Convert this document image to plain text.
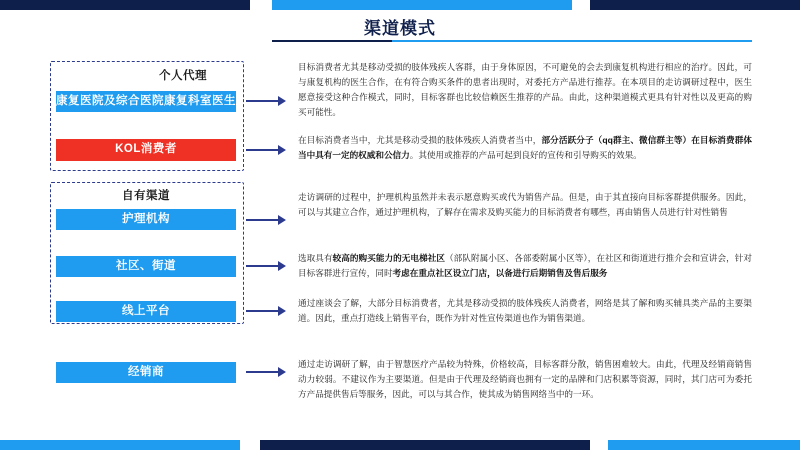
渠道模式
个人代理
康复医院及综合医院康复科室医生
KOL消费者
自有渠道
护理机构
社区、街道
线上平台
经销商
目标消费者尤其是移动受损的肢体残疾人客群，由于身体原因，不可避免的会去到康复机构进行相应的治疗。因此，可与康复机构的医生合作，在有符合购买条件的患者出现时，对委托方产品进行推荐。在本项目的走访调研过程中，医生愿意接受这种合作模式，同时，目标客群也比较信赖医生推荐的产品。由此，这种渠道模式更具有针对性以及更高的购买可能性。
在目标消费者当中，尤其是移动受损的肢体残疾人消费者当中，部分活跃分子（qq群主、微信群主等）在目标消费群体当中具有一定的权威和公信力。其使用或推荐的产品可起到良好的宣传和引导购买的效果。
走访调研的过程中，护理机构虽然并未表示愿意购买或代为销售产品。但是，由于其直接向目标客群提供服务。因此，可以与其建立合作，通过护理机构，了解存在需求及购买能力的目标消费者有哪些，再由销售人员进行针对性销售
选取具有较高的购买能力的无电梯社区（部队附属小区、各部委附属小区等），在社区和街道进行推介会和宣讲会，针对目标客群进行宣传，同时考虑在重点社区设立门店，以备进行后期销售及售后服务
通过座谈会了解，大部分目标消费者，尤其是移动受损的肢体残疾人消费者，网络是其了解和购买辅具类产品的主要渠道。因此，重点打造线上销售平台，既作为针对性宣传渠道也作为销售渠道。
通过走访调研了解，由于智慧医疗产品较为特殊，价格较高，目标客群分散，销售困难较大。由此，代理及经销商销售动力较弱。不建议作为主要渠道。但是由于代理及经销商也拥有一定的品牌和门店积累等资源，同时，其门店可为委托方产品提供售后等服务，因此，可以与其合作，使其成为销售网络当中的一环。
